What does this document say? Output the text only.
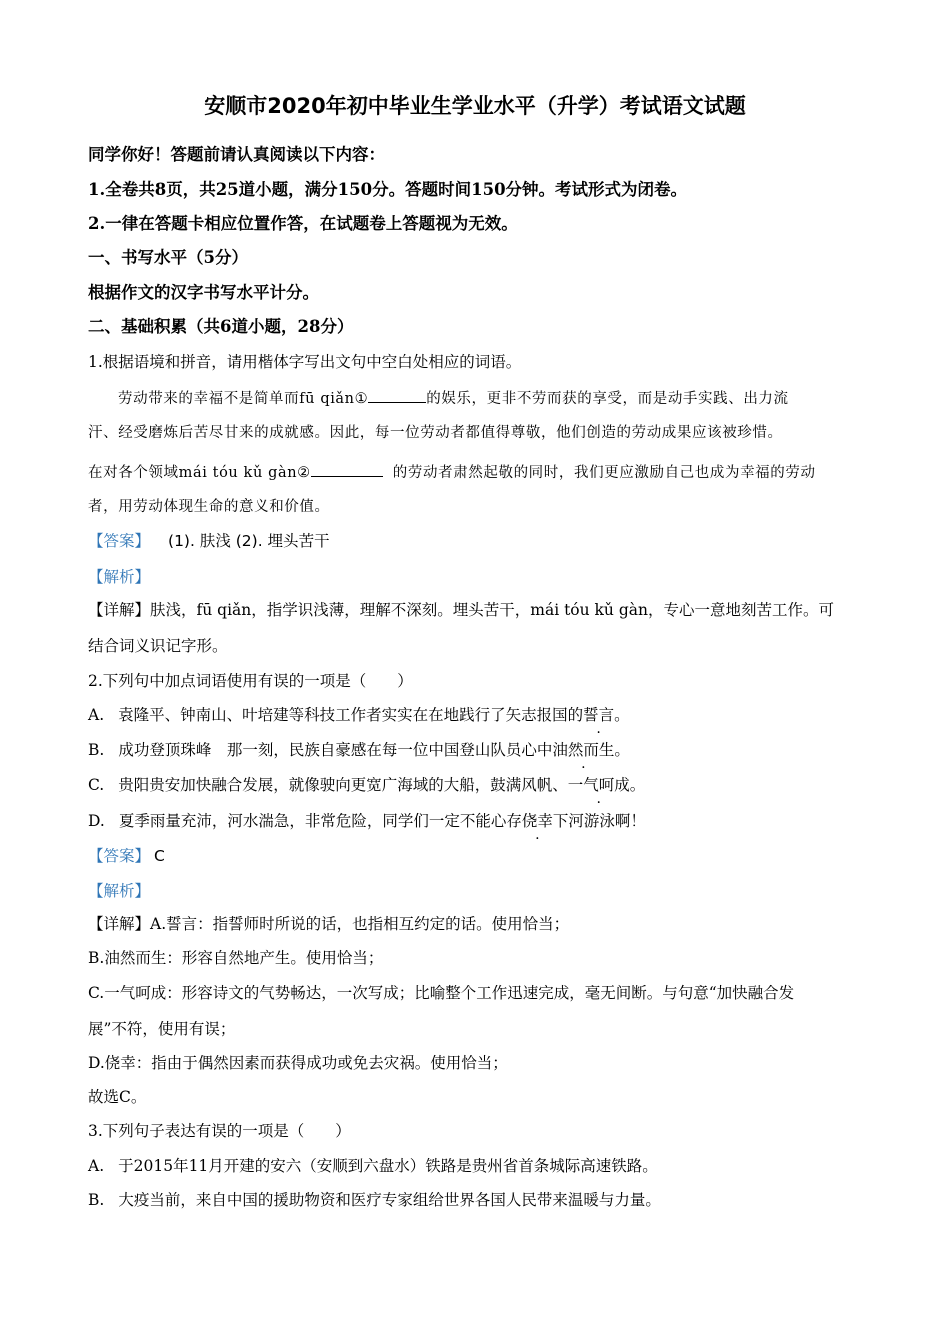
安顺市2020年初中毕业生学业水平（升学）考试语文试题
同学你好！答题前请认真阅读以下内容：
1.全卷共8页，共25道小题，满分150分。答题时间150分钟。考试形式为闭卷。
2.一律在答题卡相应位置作答，在试题卷上答题视为无效。
一、书写水平（5分）
根据作文的汉字书写水平计分。
二、基础积累（共6道小题，28分）
1.根据语境和拼音，请用楷体字写出文句中空白处相应的词语。
劳动带来的幸福不是简单而fū qiǎn①	的娱乐，更非不劳而获的享受，而是动手实践、出力流
汗、经受磨炼后苦尽甘来的成就感。因此，每一位劳动者都值得尊敬，他们创造的劳动成果应该被珍惜。
在对各个领域mái tóu kǔ gàn②	的劳动者肃然起敬的同时，我们更应激励自己也成为幸福的劳动
者，用劳动体现生命的意义和价值。
【答案】 (1). 肤浅 (2). 埋头苦干
【解析】
【详解】肤浅，fū qiǎn，指学识浅薄，理解不深刻。埋头苦干，mái tóu kǔ gàn，专心一意地刻苦工作。可
结合词义识记字形。
2.下列句中加点词语使用有误的一项是（　　）
A. 袁隆平、钟南山、叶培建等科技工作者实实在在地践行了矢志报国的誓言。
B. 成功登顶珠峰　那一刻，民族自豪感在每一位中国登山队员心中油然而生。
C. 贵阳贵安加快融合发展，就像驶向更宽广海域的大船，鼓满风帆、一气呵成。
D. 夏季雨量充沛，河水湍急，非常危险，同学们一定不能心存侥幸下河游泳啊！
【答案】 C
【解析】
【详解】A.誓言：指誓师时所说的话，也指相互约定的话。使用恰当；
B.油然而生：形容自然地产生。使用恰当；
C.一气呵成：形容诗文的气势畅达，一次写成；比喻整个工作迅速完成，毫无间断。与句意“加快融合发
展”不符，使用有误；
D.侥幸：指由于偶然因素而获得成功或免去灾祸。使用恰当；
故选C。
3.下列句子表达有误的一项是（　　）
A. 于2015年11月开建的安六（安顺到六盘水）铁路是贵州省首条城际高速铁路。
B. 大疫当前，来自中国的援助物资和医疗专家组给世界各国人民带来温暖与力量。
